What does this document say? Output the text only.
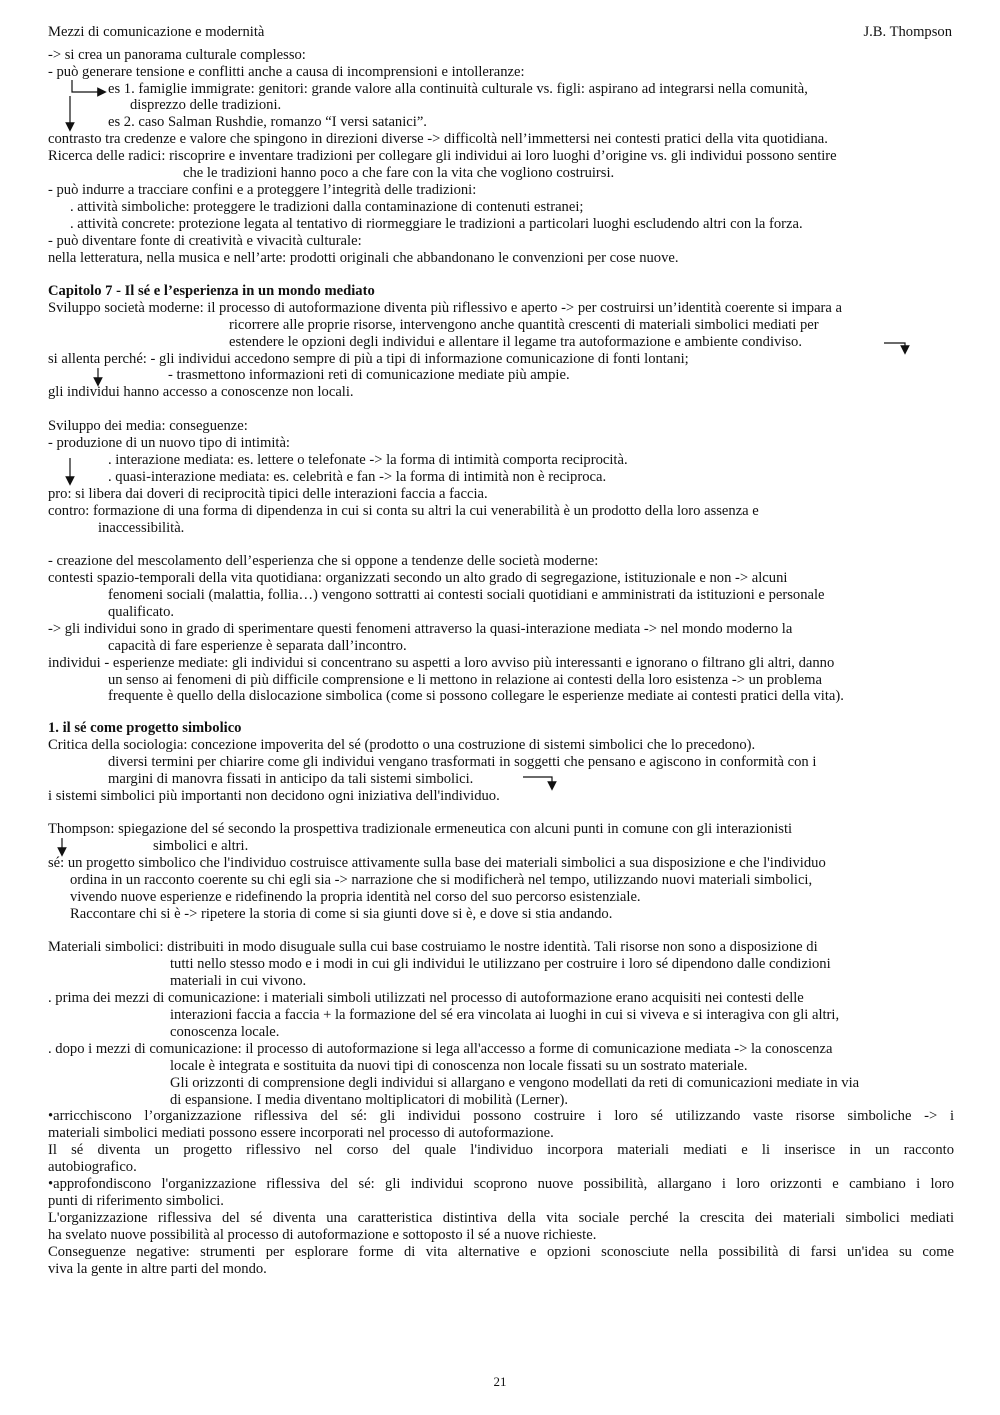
Mezzi di comunicazione e modernità	J.B. Thompson
-> si crea un panorama culturale complesso:
- può generare tensione e conflitti anche a causa di incomprensioni e intolleranze:
es 1. famiglie immigrate: genitori: grande valore alla continuità culturale vs. figli: aspirano ad integrarsi nella comunità,
disprezzo delle tradizioni.
es 2. caso Salman Rushdie, romanzo “I versi satanici”.
contrasto tra credenze e valore che spingono in direzioni diverse -> difficoltà nell’immettersi nei contesti pratici della vita quotidiana.
Ricerca delle radici: riscoprire e inventare tradizioni per collegare gli individui ai loro luoghi d’origine vs. gli individui possono sentire
che le tradizioni hanno poco a che fare con la vita che vogliono costruirsi.
- può indurre a tracciare confini e a proteggere l’integrità delle tradizioni:
. attività simboliche: proteggere le tradizioni dalla contaminazione di contenuti estranei;
. attività concrete: protezione legata al tentativo di riormeggiare le tradizioni a particolari luoghi escludendo altri con la forza.
- può diventare fonte di creatività e vivacità culturale:
nella letteratura, nella musica e nell’arte: prodotti originali che abbandonano le convenzioni per cose nuove.
Capitolo 7 - Il sé e l’esperienza in un mondo mediato
Sviluppo società moderne: il processo di autoformazione diventa più riflessivo e aperto -> per costruirsi un’identità coerente si impara a
ricorrere alle proprie risorse, intervengono anche quantità crescenti di materiali simbolici mediati per
estendere le opzioni degli individui e allentare il legame tra autoformazione e ambiente condiviso.
si allenta perché: - gli individui accedono sempre di più a tipi di informazione comunicazione di fonti lontani;
- trasmettono informazioni reti di comunicazione mediate più ampie.
gli individui hanno accesso a conoscenze non locali.
Sviluppo dei media: conseguenze:
- produzione di un nuovo tipo di intimità:
. interazione mediata: es. lettere o telefonate -> la forma di intimità comporta reciprocità.
. quasi-interazione mediata: es. celebrità e fan -> la forma di intimità non è reciproca.
pro: si libera dai doveri di reciprocità tipici delle interazioni faccia a faccia.
contro: formazione di una forma di dipendenza in cui si conta su altri la cui venerabilità è un prodotto della loro assenza e
inaccessibilità.
- creazione del mescolamento dell’esperienza che si oppone a tendenze delle società moderne:
contesti spazio-temporali della vita quotidiana: organizzati secondo un alto grado di segregazione, istituzionale e non -> alcuni
fenomeni sociali (malattia, follia…) vengono sottratti ai contesti sociali quotidiani e amministrati da istituzioni e personale
qualificato.
-> gli individui sono in grado di sperimentare questi fenomeni attraverso la quasi-interazione mediata -> nel mondo moderno la
capacità di fare esperienze è separata dall’incontro.
individui - esperienze mediate: gli individui si concentrano su aspetti a loro avviso più interessanti e ignorano o filtrano gli altri, danno
un senso ai fenomeni di più difficile comprensione e li mettono in relazione ai contesti della loro esistenza -> un problema
frequente è quello della dislocazione simbolica (come si possono collegare le esperienze mediate ai contesti pratici della vita).
1. il sé come progetto simbolico
Critica della sociologia: concezione impoverita del sé (prodotto o una costruzione di sistemi simbolici che lo precedono).
diversi termini per chiarire come gli individui vengano trasformati in soggetti che pensano e agiscono in conformità con i
margini di manovra fissati in anticipo da tali sistemi simbolici.
i sistemi simbolici più importanti non decidono ogni iniziativa dell'individuo.
Thompson: spiegazione del sé secondo la prospettiva tradizionale ermeneutica con alcuni punti in comune con gli interazionisti
simbolici e altri.
sé: un progetto simbolico che l'individuo costruisce attivamente sulla base dei materiali simbolici a sua disposizione e che l'individuo
ordina in un racconto coerente su chi egli sia -> narrazione che si modificherà nel tempo, utilizzando nuovi materiali simbolici,
vivendo nuove esperienze e ridefinendo la propria identità nel corso del suo percorso esistenziale.
Raccontare chi si è -> ripetere la storia di come si sia giunti dove si è, e dove si stia andando.
Materiali simbolici: distribuiti in modo disuguale sulla cui base costruiamo le nostre identità. Tali risorse non sono a disposizione di
tutti nello stesso modo e i modi in cui gli individui le utilizzano per costruire i loro sé dipendono dalle condizioni
materiali in cui vivono.
. prima dei mezzi di comunicazione: i materiali simboli utilizzati nel processo di autoformazione erano acquisiti nei contesti delle
interazioni faccia a faccia + la formazione del sé era vincolata ai luoghi in cui si viveva e si interagiva con gli altri,
conoscenza locale.
. dopo i mezzi di comunicazione: il processo di autoformazione si lega all'accesso a forme di comunicazione mediata -> la conoscenza
locale è integrata e sostituita da nuovi tipi di conoscenza non locale fissati su un sostrato materiale.
Gli orizzonti di comprensione degli individui si allargano e vengono modellati da reti di comunicazioni mediate in via
di espansione. I media diventano moltiplicatori di mobilità (Lerner).
•arricchiscono l’organizzazione riflessiva del sé: gli individui possono costruire i loro sé utilizzando vaste risorse simboliche -> i
materiali simbolici mediati possono essere incorporati nel processo di autoformazione.
Il sé diventa un progetto riflessivo nel corso del quale l'individuo incorpora materiali mediati e li inserisce in un racconto
autobiografico.
•approfondiscono l'organizzazione riflessiva del sé: gli individui scoprono nuove possibilità, allargano i loro orizzonti e cambiano i loro
punti di riferimento simbolici.
L'organizzazione riflessiva del sé diventa una caratteristica distintiva della vita sociale perché la crescita dei materiali simbolici mediati
ha svelato nuove possibilità al processo di autoformazione e sottoposto il sé a nuove richieste.
Conseguenze negative: strumenti per esplorare forme di vita alternative e opzioni sconosciute nella possibilità di farsi un'idea su come
viva la gente in altre parti del mondo.
21
